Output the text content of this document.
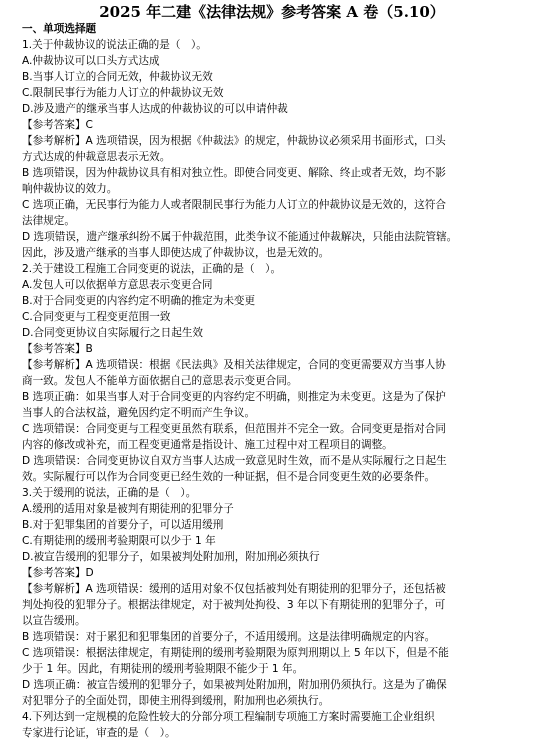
2025 年二建《法律法规》参考答案 A 卷（5.10）
一、单项选择题
1.关于仲裁协议的说法正确的是（　）。
A.仲裁协议可以口头方式达成
B.当事人订立的合同无效，仲裁协议无效
C.限制民事行为能力人订立的仲裁协议无效
D.涉及遗产的继承当事人达成的仲裁协议的可以申请仲裁
【参考答案】C
【参考解析】A 选项错误，因为根据《仲裁法》的规定，仲裁协议必须采用书面形式，口头
方式达成的仲裁意思表示无效。
B 选项错误，因为仲裁协议具有相对独立性。即使合同变更、解除、终止或者无效，均不影
响仲裁协议的效力。
C 选项正确，无民事行为能力人或者限制民事行为能力人订立的仲裁协议是无效的，这符合
法律规定。
D 选项错误，遗产继承纠纷不属于仲裁范围，此类争议不能通过仲裁解决，只能由法院管辖。
因此，涉及遗产继承的当事人即使达成了仲裁协议，也是无效的。
2.关于建设工程施工合同变更的说法，正确的是（　）。
A.发包人可以依据单方意思表示变更合同
B.对于合同变更的内容约定不明确的推定为未变更
C.合同变更与工程变更范围一致
D.合同变更协议自实际履行之日起生效
【参考答案】B
【参考解析】A 选项错误：根据《民法典》及相关法律规定，合同的变更需要双方当事人协
商一致。发包人不能单方面依据自己的意思表示变更合同。
B 选项正确：如果当事人对于合同变更的内容约定不明确，则推定为未变更。这是为了保护
当事人的合法权益，避免因约定不明而产生争议。
C 选项错误：合同变更与工程变更虽然有联系，但范围并不完全一致。合同变更是指对合同
内容的修改或补充，而工程变更通常是指设计、施工过程中对工程项目的调整。
D 选项错误：合同变更协议自双方当事人达成一致意见时生效，而不是从实际履行之日起生
效。实际履行可以作为合同变更已经生效的一种证据，但不是合同变更生效的必要条件。
3.关于缓刑的说法，正确的是（　）。
A.缓刑的适用对象是被判有期徒刑的犯罪分子
B.对于犯罪集团的首要分子，可以适用缓刑
C.有期徒刑的缓刑考验期限可以少于 1 年
D.被宣告缓刑的犯罪分子，如果被判处附加刑，附加刑必须执行
【参考答案】D
【参考解析】A 选项错误：缓刑的适用对象不仅包括被判处有期徒刑的犯罪分子，还包括被
判处拘役的犯罪分子。根据法律规定，对于被判处拘役、3 年以下有期徒刑的犯罪分子，可
以宣告缓刑。
B 选项错误：对于累犯和犯罪集团的首要分子，不适用缓刑。这是法律明确规定的内容。
C 选项错误：根据法律规定，有期徒刑的缓刑考验期限为原判刑期以上 5 年以下，但是不能
少于 1 年。因此，有期徒刑的缓刑考验期限不能少于 1 年。
D 选项正确：被宣告缓刑的犯罪分子，如果被判处附加刑，附加刑仍须执行。这是为了确保
对犯罪分子的全面处罚，即使主刑得到缓刑，附加刑也必须执行。
4.下列达到一定规模的危险性较大的分部分项工程编制专项施工方案时需要施工企业组织
专家进行论证，审查的是（　）。
